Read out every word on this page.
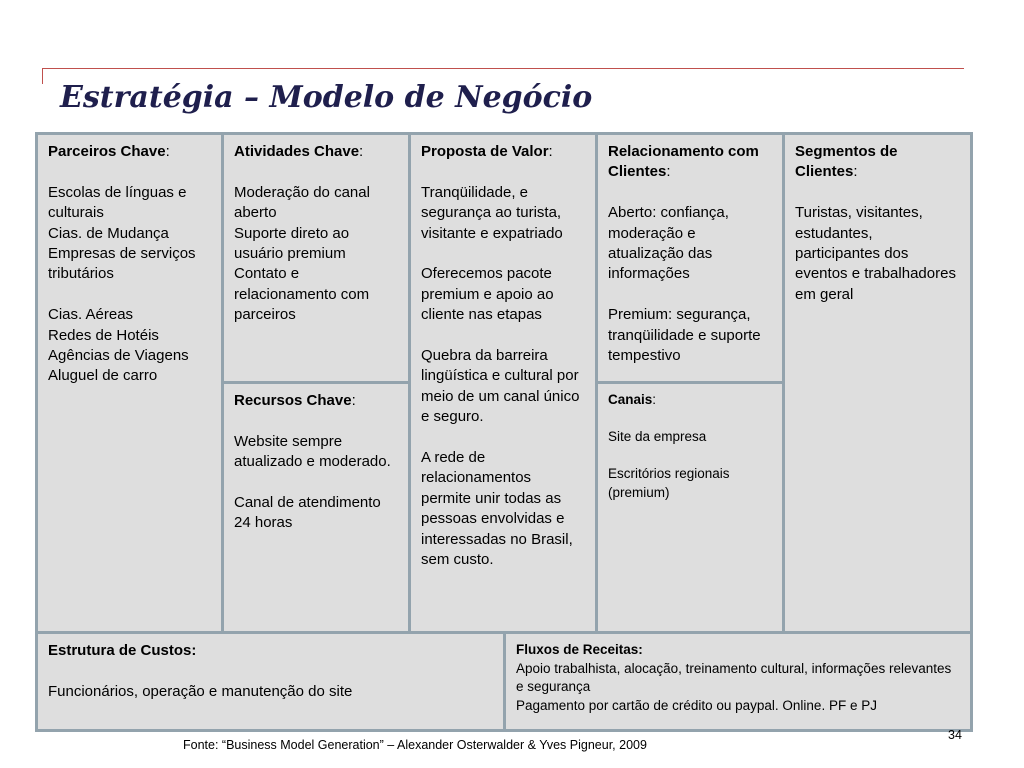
Estratégia – Modelo de Negócio
Parceiros Chave:
Escolas de línguas e culturais
Cias. de Mudança
Empresas de serviços tributários
Cias. Aéreas
Redes de Hotéis
Agências de Viagens
Aluguel de carro
Atividades Chave:
Moderação do canal aberto
Suporte direto ao usuário premium
Contato e relacionamento com parceiros
Recursos Chave:
Website sempre atualizado e moderado.
Canal de atendimento 24 horas
Proposta de Valor:
Tranqüilidade, e segurança ao turista, visitante e expatriado
Oferecemos pacote premium e apoio ao cliente nas etapas
Quebra da barreira lingüística e cultural por meio de um canal único e seguro.
A rede de relacionamentos permite unir todas as pessoas envolvidas e interessadas no Brasil, sem custo.
Relacionamento com Clientes:
Aberto: confiança, moderação e atualização das informações
Premium: segurança, tranqüilidade e suporte tempestivo
Canais:
Site da empresa
Escritórios regionais (premium)
Segmentos de Clientes:
Turistas, visitantes, estudantes, participantes dos eventos e trabalhadores em geral
Estrutura de Custos:
Funcionários, operação e manutenção do site
Fluxos de Receitas:
Apoio trabalhista, alocação, treinamento cultural, informações relevantes e segurança
Pagamento por cartão de crédito ou paypal. Online. PF e PJ
Fonte: “Business Model Generation” – Alexander Osterwalder & Yves Pigneur, 2009
34
